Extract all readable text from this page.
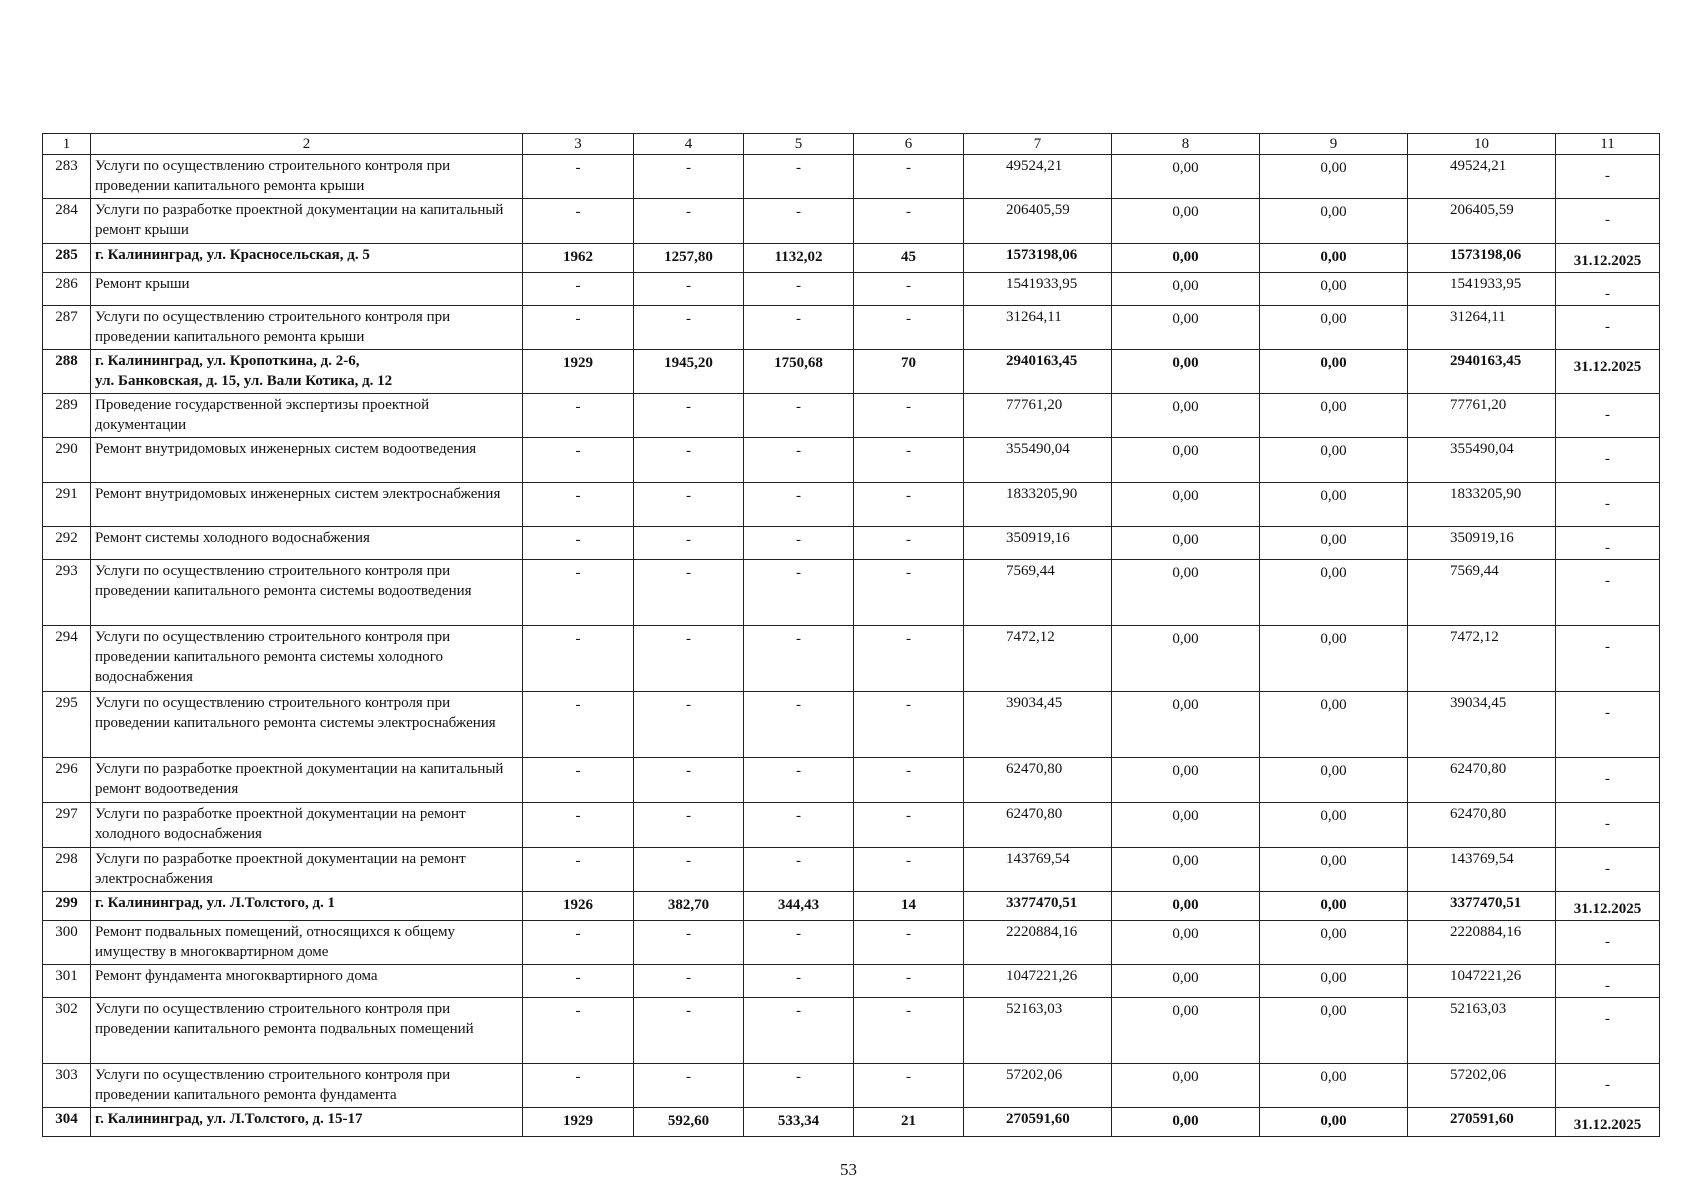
1	2	3	4	5	6	7	8	9	10	11
283	Услуги по осуществлению строительного контроля при проведении капитального ремонта крыши	-	-	-	-	49524,21	0,00	0,00	49524,21	-
284	Услуги по разработке проектной документации на капитальный ремонт крыши	-	-	-	-	206405,59	0,00	0,00	206405,59	-
285	г. Калининград, ул. Красносельская, д. 5	1962	1257,80	1132,02	45	1573198,06	0,00	0,00	1573198,06	31.12.2025
286	Ремонт крыши	-	-	-	-	1541933,95	0,00	0,00	1541933,95	-
287	Услуги по осуществлению строительного контроля при проведении капитального ремонта крыши	-	-	-	-	31264,11	0,00	0,00	31264,11	-
288	г. Калининград, ул. Кропоткина, д. 2-6,
ул. Банковская, д. 15, ул. Вали Котика, д. 12	1929	1945,20	1750,68	70	2940163,45	0,00	0,00	2940163,45	31.12.2025
289	Проведение государственной экспертизы проектной документации	-	-	-	-	77761,20	0,00	0,00	77761,20	-
290	Ремонт внутридомовых инженерных систем водоотведения	-	-	-	-	355490,04	0,00	0,00	355490,04	-
291	Ремонт внутридомовых инженерных систем электроснабжения	-	-	-	-	1833205,90	0,00	0,00	1833205,90	-
292	Ремонт системы холодного водоснабжения	-	-	-	-	350919,16	0,00	0,00	350919,16	-
293	Услуги по осуществлению строительного контроля при проведении капитального ремонта системы водоотведения	-	-	-	-	7569,44	0,00	0,00	7569,44	-
294	Услуги по осуществлению строительного контроля при проведении капитального ремонта системы холодного водоснабжения	-	-	-	-	7472,12	0,00	0,00	7472,12	-
295	Услуги по осуществлению строительного контроля при проведении капитального ремонта системы электроснабжения	-	-	-	-	39034,45	0,00	0,00	39034,45	-
296	Услуги по разработке проектной документации на капитальный ремонт водоотведения	-	-	-	-	62470,80	0,00	0,00	62470,80	-
297	Услуги по разработке проектной документации на ремонт холодного водоснабжения	-	-	-	-	62470,80	0,00	0,00	62470,80	-
298	Услуги по разработке проектной документации на ремонт электроснабжения	-	-	-	-	143769,54	0,00	0,00	143769,54	-
299	г. Калининград, ул. Л.Толстого, д. 1	1926	382,70	344,43	14	3377470,51	0,00	0,00	3377470,51	31.12.2025
300	Ремонт подвальных помещений, относящихся к общему имуществу в многоквартирном доме	-	-	-	-	2220884,16	0,00	0,00	2220884,16	-
301	Ремонт фундамента многоквартирного дома	-	-	-	-	1047221,26	0,00	0,00	1047221,26	-
302	Услуги по осуществлению строительного контроля при проведении капитального ремонта подвальных помещений	-	-	-	-	52163,03	0,00	0,00	52163,03	-
303	Услуги по осуществлению строительного контроля при проведении капитального ремонта фундамента	-	-	-	-	57202,06	0,00	0,00	57202,06	-
304	г. Калининград, ул. Л.Толстого, д. 15-17	1929	592,60	533,34	21	270591,60	0,00	0,00	270591,60	31.12.2025
53
